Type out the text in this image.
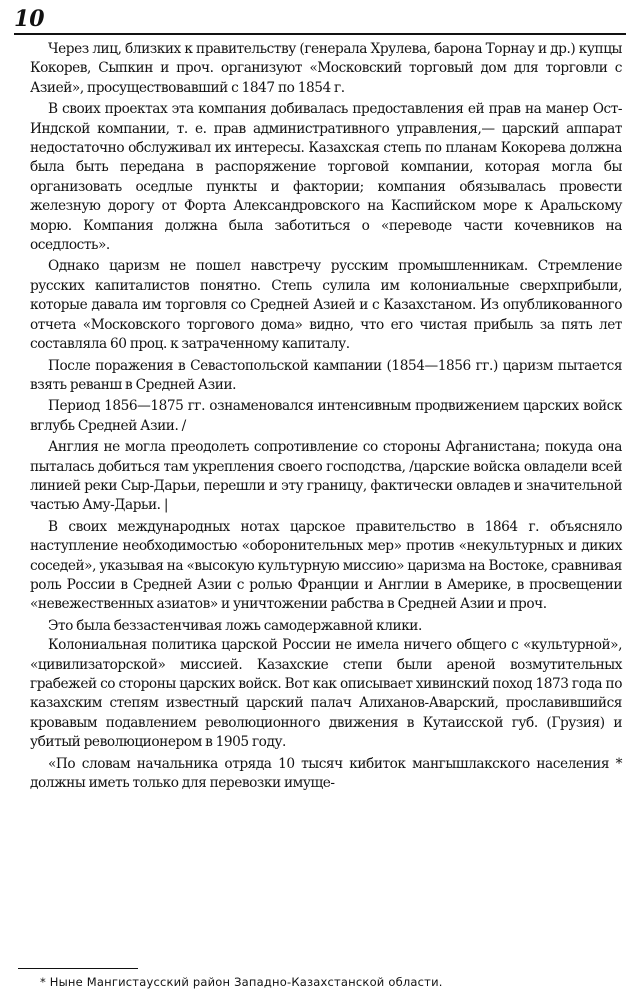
10

Через лиц, близких к правительству (генерала Хрулева, барона Торнау и др.) купцы Кокорев, Сыпкин и проч. организуют «Московский торговый дом для торговли с Азией», просуществовавший с 1847 по 1854 г.

В своих проектах эта компания добивалась предоставления ей прав на манер Ост-Индской компании, т. е. прав административного управления,— царский аппарат недостаточно обслуживал их интересы. Казахская степь по планам Кокорева должна была быть передана в распоряжение торговой компании, которая могла бы организовать оседлые пункты и фактории; компания обязывалась провести железную дорогу от Форта Александровского на Каспийском море к Аральскому морю. Компания должна была заботиться о «переводе части кочевников на оседлость».

Однако царизм не пошел навстречу русским промышленникам. Стремление русских капиталистов понятно. Степь сулила им колониальные сверхприбыли, которые давала им торговля со Средней Азией и с Казахстаном. Из опубликованного отчета «Московского торгового дома» видно, что его чистая прибыль за пять лет составляла 60 проц. к затраченному капиталу.

После поражения в Севастопольской кампании (1854—1856 гг.) царизм пытается взять реванш в Средней Азии.

Период 1856—1875 гг. ознаменовался интенсивным продвижением царских войск вглубь Средней Азии. /

Англия не могла преодолеть сопротивление со стороны Афганистана; покуда она пыталась добиться там укрепления своего господства, /царские войска овладели всей линией реки Сыр-Дарьи, перешли и эту границу, фактически овладев и значительной частью Аму-Дарьи. |

В своих международных нотах царское правительство в 1864 г. объясняло наступление необходимостью «оборонительных мер» против «некультурных и диких соседей», указывая на «высокую культурную миссию» царизма на Востоке, сравнивая роль России в Средней Азии с ролью Франции и Англии в Америке, в просвещении «невежественных азиатов» и уничтожении рабства в Средней Азии и проч.

Это была беззастенчивая ложь самодержавной клики.

Колониальная политика царской России не имела ничего общего с «культурной», «цивилизаторской» миссией. Казахские степи были ареной возмутительных грабежей со стороны царских войск. Вот как описывает хивинский поход 1873 года по казахским степям известный царский палач Алиханов-Аварский, прославившийся кровавым подавлением революционного движения в Кутаисской губ. (Грузия) и убитый революционером в 1905 году.

«По словам начальника отряда 10 тысяч кибиток мангышлакского населения * должны иметь только для перевозки имуще-

* Ныне Мангистаусский район Западно-Казахстанской области.
